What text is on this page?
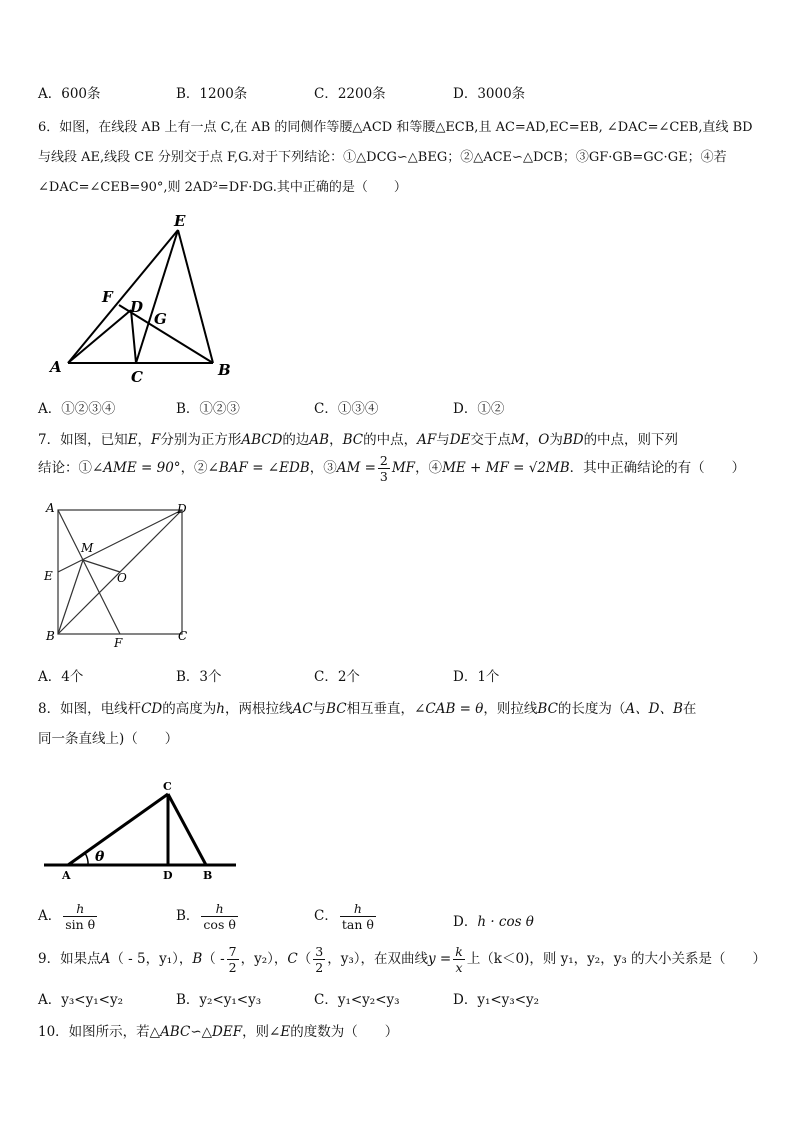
A．600条	B．1200条	C．2200条	D．3000条
6．如图，在线段 AB 上有一点 C,在 AB 的同侧作等腰△ACD 和等腰△ECB,且 AC=AD,EC=EB, ∠DAC=∠CEB,直线 BD
与线段 AE,线段 CE 分别交于点 F,G.对于下列结论：①△DCG∽△BEG；②△ACE∽△DCB；③GF·GB=GC·GE；④若
∠DAC=∠CEB=90°,则 2AD²=DF·DG.其中正确的是（　　）
E
F
D
G
A
C	B
A．①②③④	B．①②③	C．①③④	D．①②
7．如图，已知E，F分别为正方形ABCD的边AB，BC的中点，AF与DE交于点M，O为BD的中点，则下列
结论：①∠AME = 90°，②∠BAF = ∠EDB，③AM = $\frac{2}{3}$ MF，④ME + MF = √2MB．其中正确结论的有（　　）
A	D
M
O
E
B	F	C
A．4个	B．3个	C．2个	D．1个
8．如图，电线杆CD的高度为h，两根拉线AC与BC相互垂直，∠CAB = θ，则拉线BC的长度为（A、D、B在
同一条直线上)（　　）
C
θ
A	D	B
A． $\frac{h}{\text{sin θ}}$	B． $\frac{h}{\text{cos θ}}$	C． $\frac{h}{\text{tan θ}}$	D．h · cos θ
9．如果点A（ - 5，y₁），$B( - \frac{7}{2}$ ，y₂），$C( \frac{3}{2}$ ，y₃），在双曲线$y = \frac{k}{x}$ 上（k＜0)，则 y₁，y₂，y₃ 的大小关系是（　　）
A．y₃<y₁<y₂	B．y₂<y₁<y₃	C．y₁<y₂<y₃	D．y₁<y₃<y₂
10．如图所示，若△ABC∽△DEF，则∠E的度数为（　　）
